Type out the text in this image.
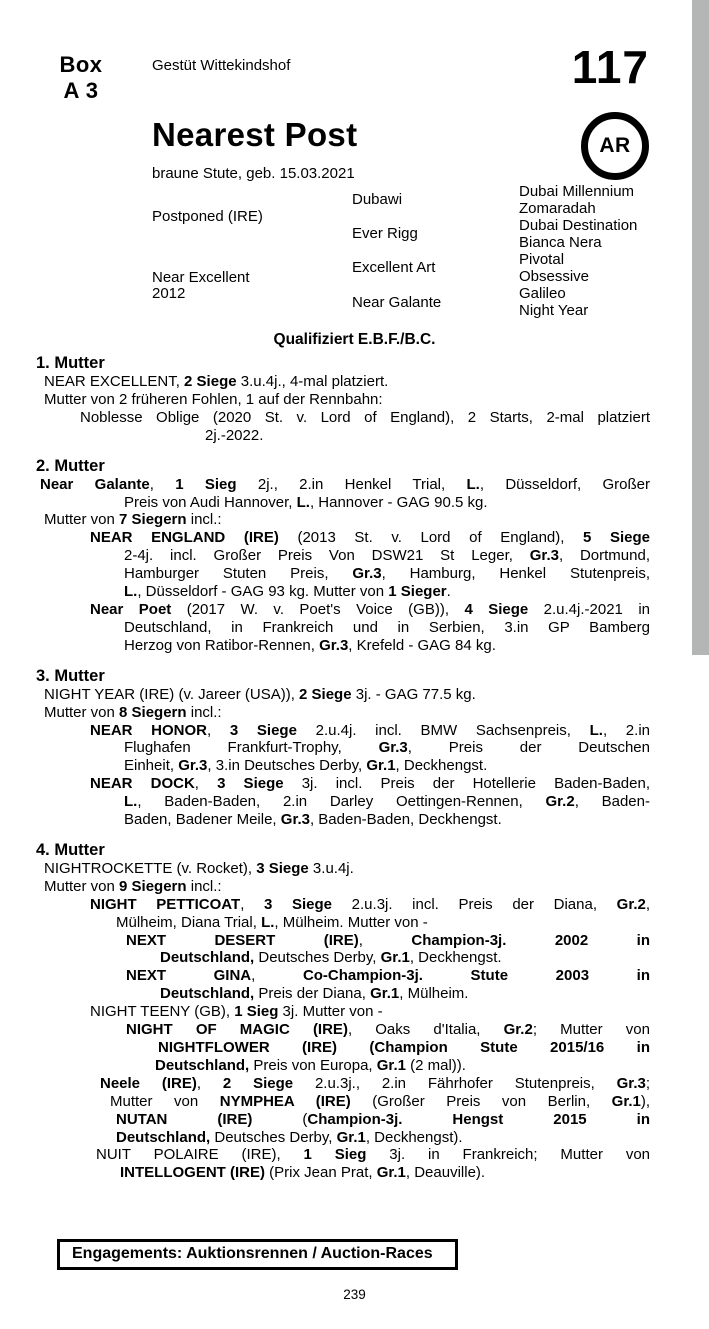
Box
A 3
Gestüt Wittekindshof	117
Nearest Post
braune Stute, geb. 15.03.2021
AR
Postponed (IRE)
Near Excellent
2012
Dubawi
Ever Rigg
Excellent Art
Near Galante
Dubai Millennium
Zomaradah
Dubai Destination
Bianca Nera
Pivotal
Obsessive
Galileo
Night Year
Qualifiziert E.B.F./B.C.
1. Mutter
NEAR EXCELLENT, 2 Siege 3.u.4j., 4-mal platziert.
Mutter von 2 früheren Fohlen, 1 auf der Rennbahn:
Noblesse Oblige (2020 St. v. Lord of England), 2 Starts, 2-mal platziert
2j.-2022.
2. Mutter
Near Galante, 1 Sieg 2j., 2.in Henkel Trial, L., Düsseldorf, Großer
Preis von Audi Hannover, L., Hannover - GAG 90.5 kg.
Mutter von 7 Siegern incl.:
NEAR ENGLAND (IRE) (2013 St. v. Lord of England), 5 Siege
2-4j. incl. Großer Preis Von DSW21 St Leger, Gr.3, Dortmund,
Hamburger Stuten Preis, Gr.3, Hamburg, Henkel Stutenpreis,
L., Düsseldorf - GAG 93 kg. Mutter von 1 Sieger.
Near Poet (2017 W. v. Poet's Voice (GB)), 4 Siege 2.u.4j.-2021 in
Deutschland, in Frankreich und in Serbien, 3.in GP Bamberg
Herzog von Ratibor-Rennen, Gr.3, Krefeld - GAG 84 kg.
3. Mutter
NIGHT YEAR (IRE) (v. Jareer (USA)), 2 Siege 3j. - GAG 77.5 kg.
Mutter von 8 Siegern incl.:
NEAR HONOR, 3 Siege 2.u.4j. incl. BMW Sachsenpreis, L., 2.in
Flughafen Frankfurt-Trophy, Gr.3, Preis der Deutschen
Einheit, Gr.3, 3.in Deutsches Derby, Gr.1, Deckhengst.
NEAR DOCK, 3 Siege 3j. incl. Preis der Hotellerie Baden-Baden,
L., Baden-Baden, 2.in Darley Oettingen-Rennen, Gr.2, Baden-
Baden, Badener Meile, Gr.3, Baden-Baden, Deckhengst.
4. Mutter
NIGHTROCKETTE (v. Rocket), 3 Siege 3.u.4j.
Mutter von 9 Siegern incl.:
NIGHT PETTICOAT, 3 Siege 2.u.3j. incl. Preis der Diana, Gr.2,
Mülheim, Diana Trial, L., Mülheim. Mutter von -
NEXT DESERT (IRE), Champion-3j. 2002 in
Deutschland, Deutsches Derby, Gr.1, Deckhengst.
NEXT GINA, Co-Champion-3j. Stute 2003 in
Deutschland, Preis der Diana, Gr.1, Mülheim.
NIGHT TEENY (GB), 1 Sieg 3j. Mutter von -
NIGHT OF MAGIC (IRE), Oaks d'Italia, Gr.2; Mutter von
NIGHTFLOWER (IRE) (Champion Stute 2015/16 in
Deutschland, Preis von Europa, Gr.1 (2 mal)).
Neele (IRE), 2 Siege 2.u.3j., 2.in Fährhofer Stutenpreis, Gr.3;
Mutter von NYMPHEA (IRE) (Großer Preis von Berlin, Gr.1),
NUTAN (IRE) (Champion-3j. Hengst 2015 in
Deutschland, Deutsches Derby, Gr.1, Deckhengst).
NUIT POLAIRE (IRE), 1 Sieg 3j. in Frankreich; Mutter von
INTELLOGENT (IRE) (Prix Jean Prat, Gr.1, Deauville).
Engagements: Auktionsrennen / Auction-Races
239
